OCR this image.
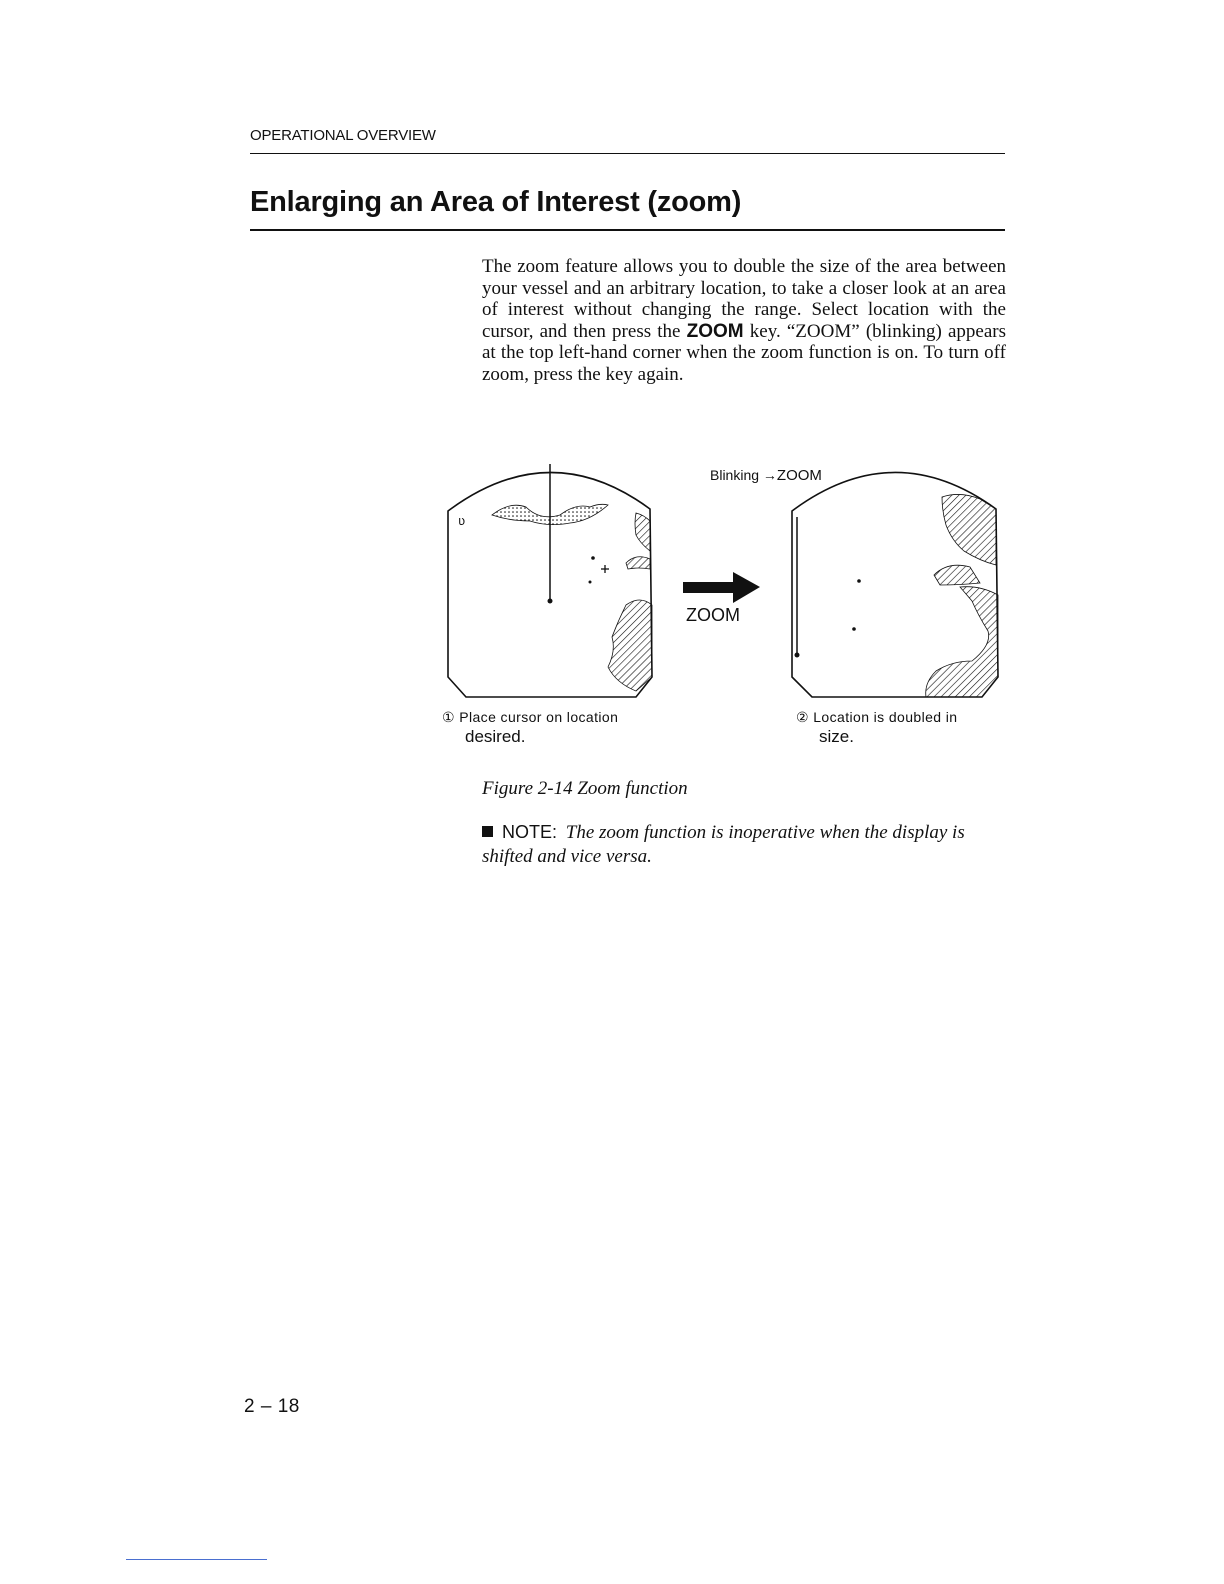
OPERATIONAL OVERVIEW
Enlarging an Area of Interest (zoom)

The zoom feature allows you to double the size of the area between your vessel and an arbitrary location, to take a closer look at an area of interest without changing the range. Select location with the cursor, and then press the ZOOM key. “ZOOM” (blinking) appears at the top left-hand corner when the zoom function is on. To turn off zoom, press the key again.

ʋ
Blinking →ZOOM
ZOOM
① Place cursor on location
desired.
② Location is doubled in
size.

Figure 2-14 Zoom function

NOTE: The zoom function is inoperative when the display is shifted and vice versa.
2 – 18
